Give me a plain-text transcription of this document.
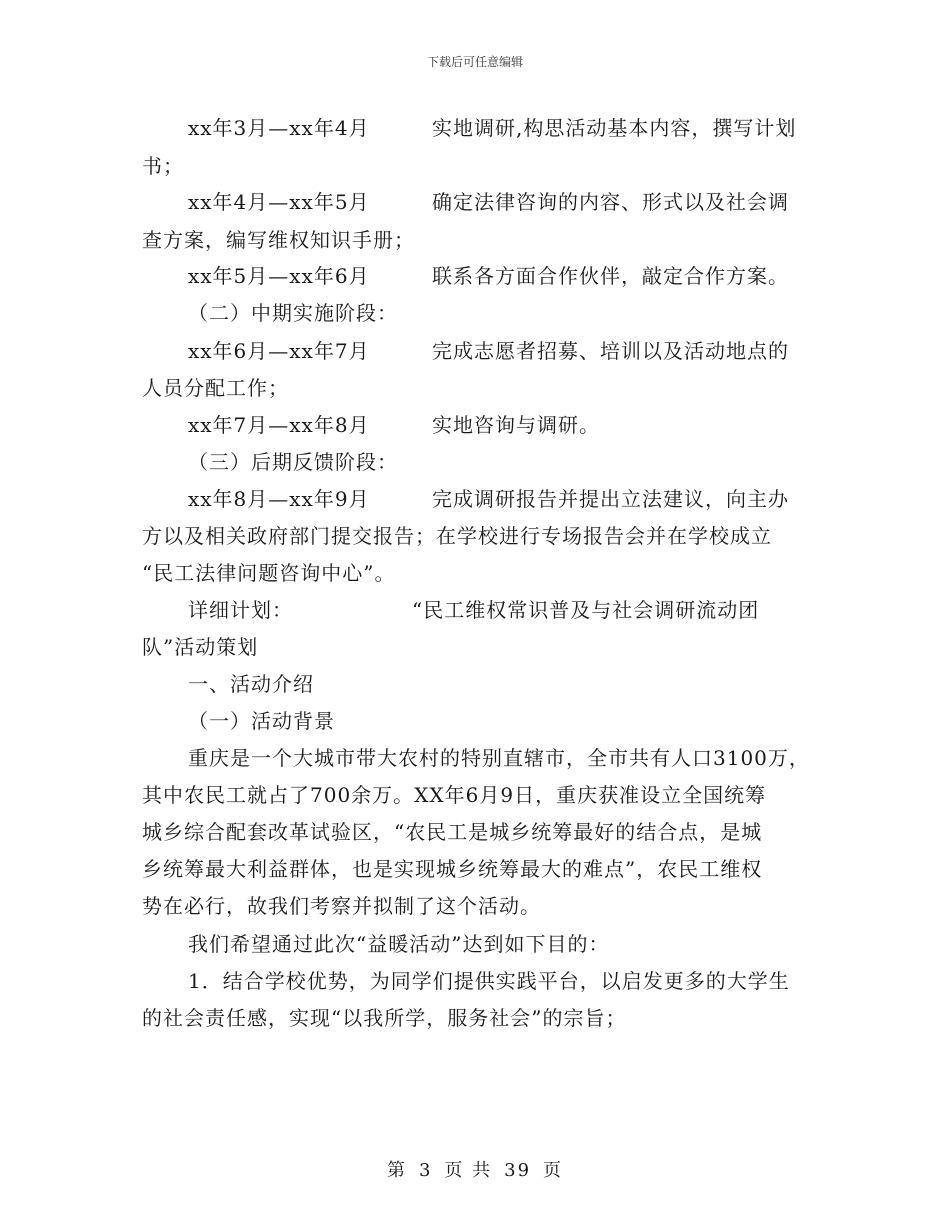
下载后可任意编辑
xx年3月—xx年4月	实地调研,构思活动基本内容，撰写计划
书；
xx年4月—xx年5月	确定法律咨询的内容、形式以及社会调
查方案，编写维权知识手册；
xx年5月—xx年6月	联系各方面合作伙伴，敲定合作方案。
（二）中期实施阶段：
xx年6月—xx年7月	完成志愿者招募、培训以及活动地点的
人员分配工作；
xx年7月—xx年8月	实地咨询与调研。
（三）后期反馈阶段：
xx年8月—xx年9月	完成调研报告并提出立法建议，向主办
方以及相关政府部门提交报告；在学校进行专场报告会并在学校成立
“民工法律问题咨询中心”。
详细计划：	“民工维权常识普及与社会调研流动团
队”活动策划
一、活动介绍
（一）活动背景
重庆是一个大城市带大农村的特别直辖市，全市共有人口3100万，
其中农民工就占了700余万。XX年6月9日，重庆获准设立全国统筹
城乡综合配套改革试验区，“农民工是城乡统筹最好的结合点，是城
乡统筹最大利益群体，也是实现城乡统筹最大的难点”，农民工维权
势在必行，故我们考察并拟制了这个活动。
我们希望通过此次“益暖活动”达到如下目的：
1．结合学校优势，为同学们提供实践平台，以启发更多的大学生
的社会责任感，实现“以我所学，服务社会”的宗旨；
第 3 页 共 39 页
